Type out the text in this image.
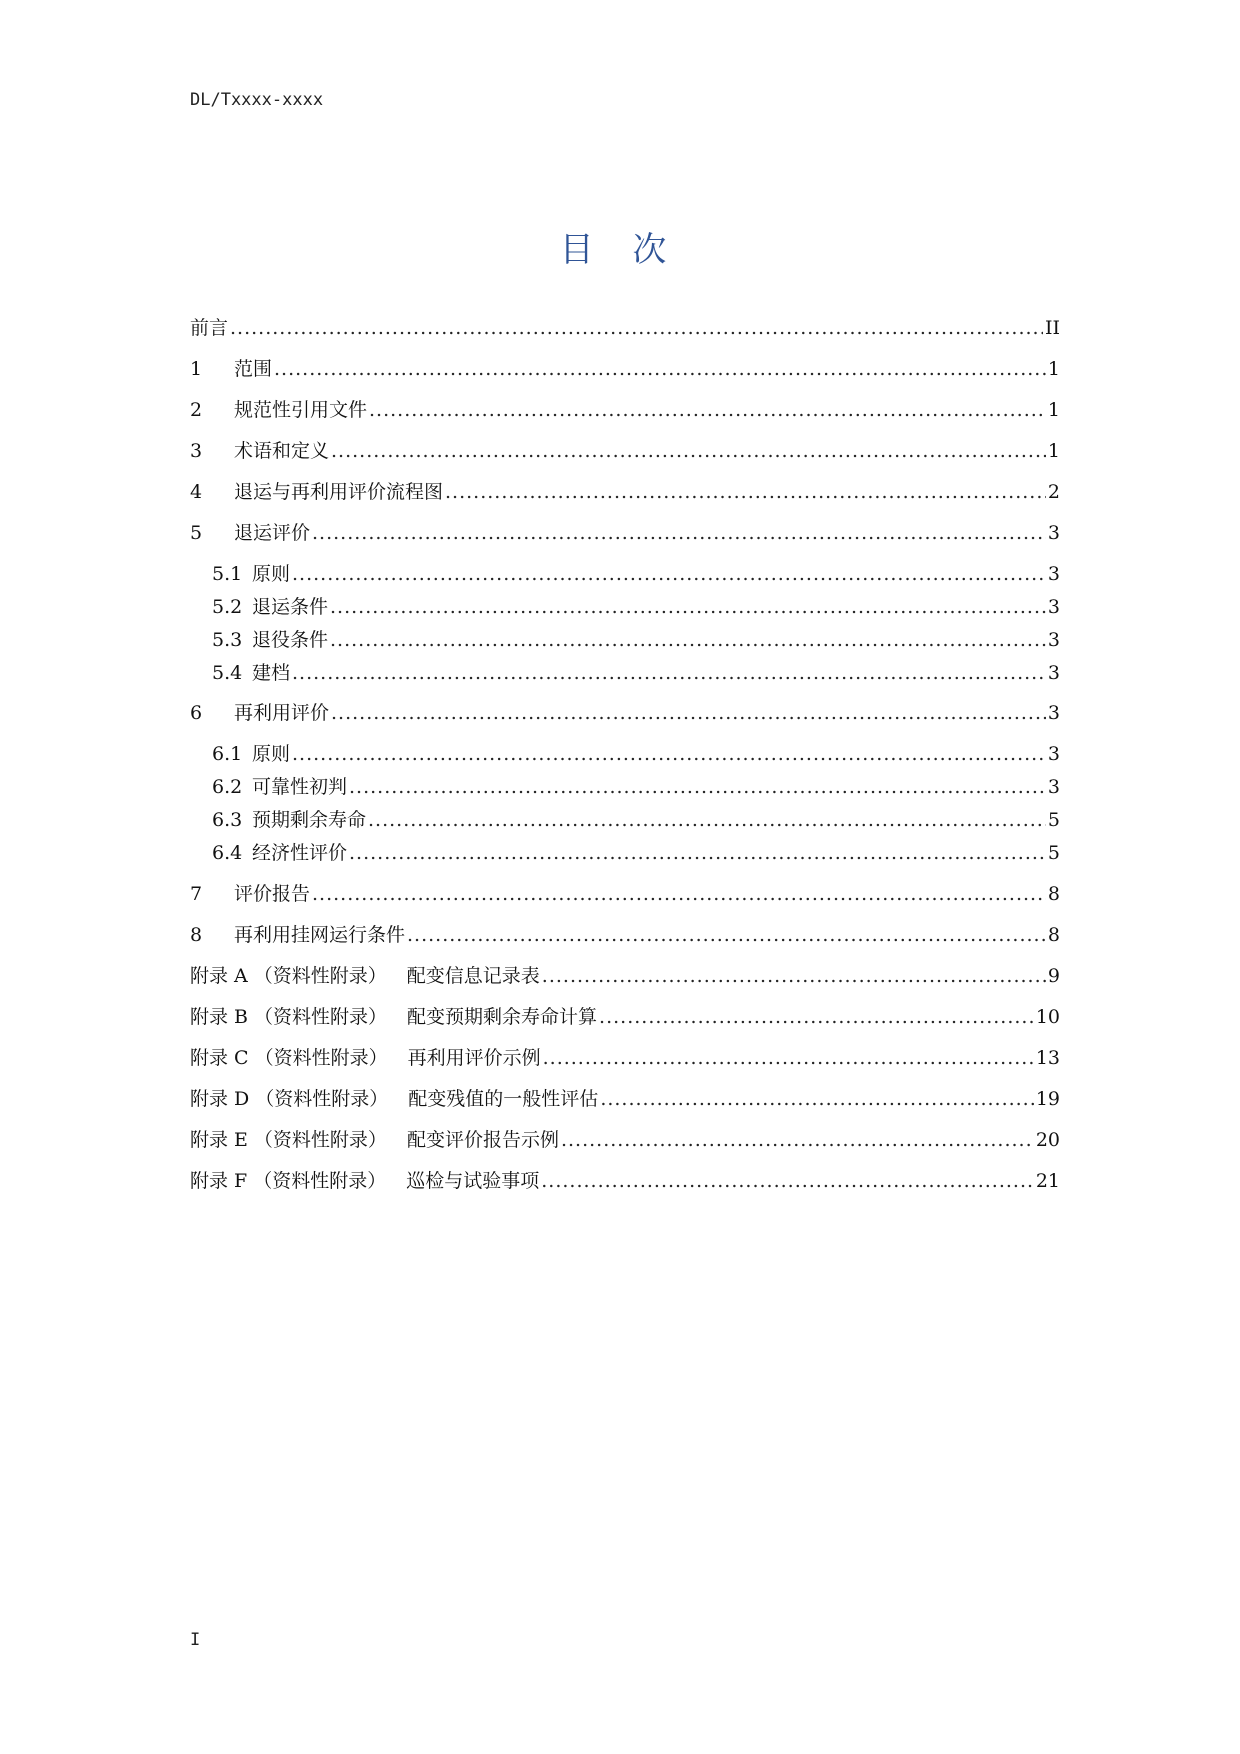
DL/Txxxx-xxxx
目 次
前言 .....	II
1	范围 .....	1
2	规范性引用文件 .....	1
3	术语和定义 .....	1
4	退运与再利用评价流程图 .....	2
5	退运评价 .....	3
5.1 原则 .....	3
5.2 退运条件 .....	3
5.3 退役条件 .....	3
5.4 建档 .....	3
6	再利用评价 .....	3
6.1 原则 .....	3
6.2 可靠性初判 .....	3
6.3 预期剩余寿命 .....	5
6.4 经济性评价 .....	5
7	评价报告 .....	8
8	再利用挂网运行条件 .....	8
附录 A （资料性附录） 配变信息记录表 .....	9
附录 B （资料性附录） 配变预期剩余寿命计算 .....	10
附录 C （资料性附录） 再利用评价示例 .....	13
附录 D （资料性附录） 配变残值的一般性评估 .....	19
附录 E （资料性附录） 配变评价报告示例 .....	20
附录 F （资料性附录） 巡检与试验事项 .....	21
I
